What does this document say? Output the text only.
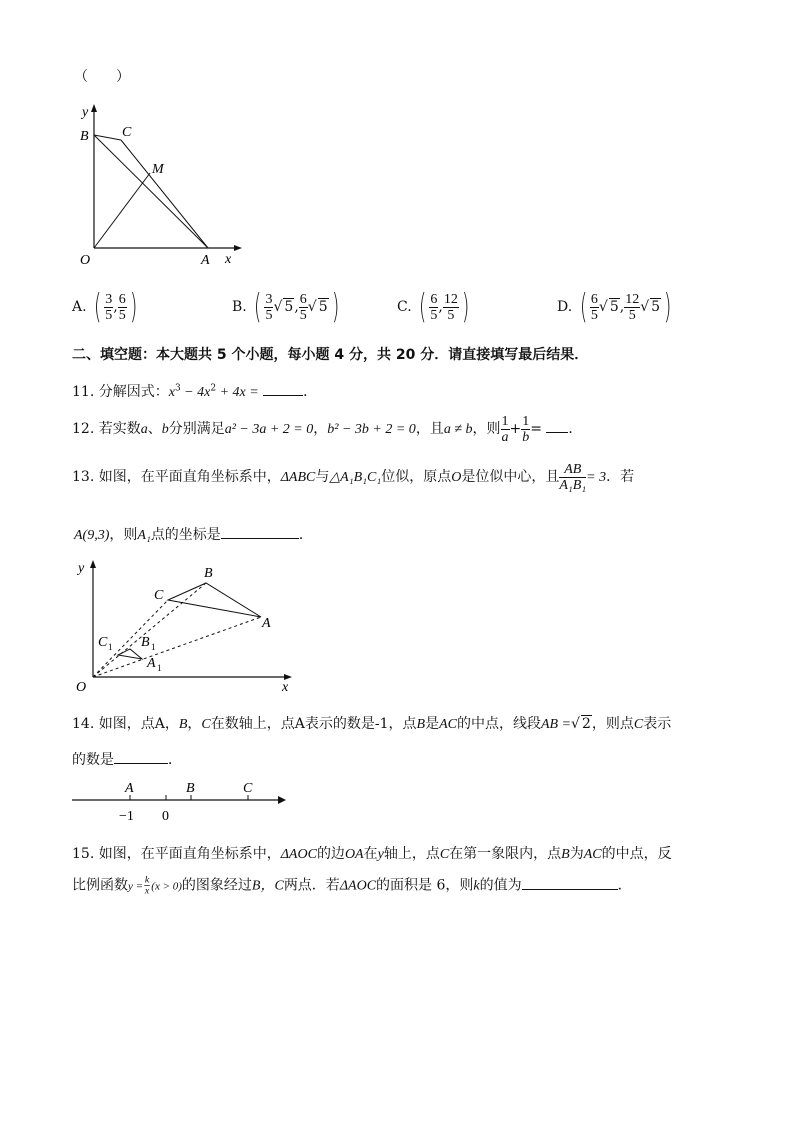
（　　）
y
B C
M
O	A x
A. ( $\frac{3}{5}$ , $\frac{6}{5}$ )	B. ( $\frac{3}{5}$ √ 5, $\frac{6}{5}$ √ 5 )	C. ( $\frac{6}{5}$ , $\frac{12}{5}$ )	D. ( $\frac{6}{5}$ √ 5, $\frac{12}{5}$ √ 5 )
二、填空题：本大题共 5 个小题，每小题 4 分，共 20 分．请直接填写最后结果．
11. 分解因式：$x^3 - 4x^2 + 4x$ =	．
12. 若实数a、b分别满足a² − 3a + 2 = 0，b² − 3b + 2 = 0，且a ≠ b，则 $\frac{1}{a} + \frac{1}{b}$ = ．
13. 如图，在平面直角坐标系中，ΔABC与△A₁B₁C₁位似，原点O是位似中心，且 $\frac{AB}{\text{A₁B₁}} = 3$．若
A(9,3)，则A₁点的坐标是	．
y	B
C
A
C 1 B 1
A 1
O	x
14. 如图，点A，B，C在数轴上，点A表示的数是-1，点B是AC的中点，线段AB =√ 2，则点C表示
的数是	．
A	B	C
−1 0
15. 如图，在平面直角坐标系中，ΔAOC的边OA在y轴上，点C在第一象限内，点B为AC的中点，反
比例函数$y = \frac{k}{x} (x > 0)$的图象经过B，C两点．若ΔAOC的面积是 6，则k的值为	．
